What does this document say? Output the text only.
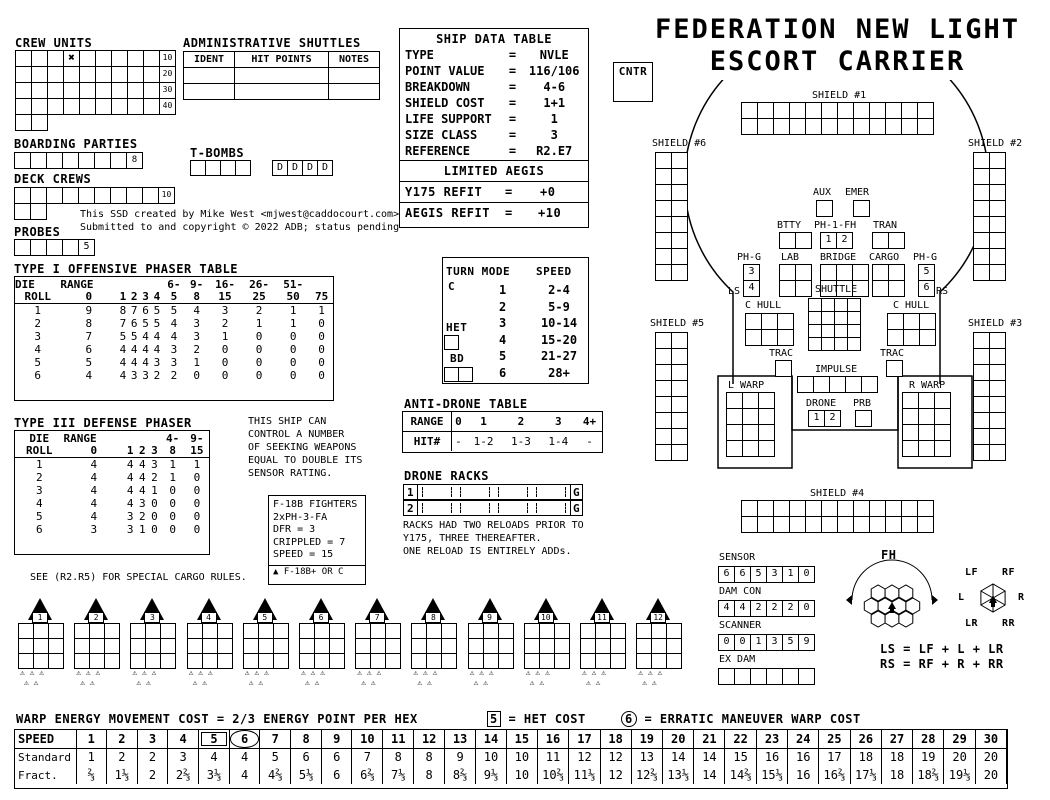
FEDERATION NEW LIGHT
ESCORT CARRIER
CREW UNITS
✖	10
20
30
40
ADMINISTRATIVE SHUTTLES
IDENT	HIT POINTS	NOTES

BOARDING PARTIES
8	T-BOMBS
D D D D
DECK CREWS
10
This SSD created by Mike West <mjwest@caddocourt.com>
Submitted to and copyright © 2022 ADB; status pending
PROBES
5
SHIP DATA TABLE
TYPE	=	NVLE
POINT VALUE	=	116/106
BREAKDOWN	=	4-6
SHIELD COST	=	1+1
LIFE SUPPORT	=	1
SIZE CLASS	=	3
REFERENCE	=	R2.E7
LIMITED AEGIS
Y175 REFIT = +0
AEGIS REFIT = +10
CNTR
TYPE I OFFENSIVE PHASER TABLE
DIE	RANGE					6-	9-	16-	26-	51-	
ROLL	0	1	2	3	4	5	8	15	25	50	75
1	9	8	7	6	5	5	4	3	2	1	1
2	8	7	6	5	5	4	3	2	1	1	0
3	7	5	5	4	4	4	3	1	0	0	0
4	6	4	4	4	4	3	2	0	0	0	0
5	5	4	4	4	3	3	1	0	0	0	0
6	4	4	3	3	2	2	0	0	0	0	0
TYPE III DEFENSE PHASER
DIE	RANGE				4-	9-
ROLL	0	1	2	3	8	15
1	4	4	4	3	1	1
2	4	4	4	2	1	0
3	4	4	4	1	0	0
4	4	4	3	0	0	0
5	4	3	2	0	0	0
6	3	3	1	0	0	0
THIS SHIP CAN
CONTROL A NUMBER
OF SEEKING WEAPONS
EQUAL TO DOUBLE ITS
SENSOR RATING.
F-18B FIGHTERS
2xPH-3-FA
DFR = 3
CRIPPLED = 7
SPEED = 15
▲ F-18B+ OR C
SEE (R2.R5) FOR SPECIAL CARGO RULES.
TURN MODE SPEED
C	1	2-4
2	5-9
3	10-14
4	15-20
5	21-27
6	28+
HET
BD
ANTI-DRONE TABLE
RANGE	0	1	2	3	4+
HIT#	-	1-2	1-3	1-4	-
DRONE RACKS
1	G
2	G
RACKS HAD TWO RELOADS PRIOR TO
Y175, THREE THEREAFTER.
ONE RELOAD IS ENTIRELY ADDs.
SHIELD #1
SHIELD #4
SHIELD #6	SHIELD #2
SHIELD #5	SHIELD #3
AUX EMER
BTTY PH-1-FH
1 2
TRAN
PH-G
3
4
LS
LAB BRIDGE CARGO PH-G
5
6 RS
SHUTTLE
C HULL	C HULL
TRAC	TRAC
IMPULSE
L WARP	R WARP
DRONE
1 2
PRB
SENSOR
6 6 5 3 1 0
DAM CON
4 4 2 2 2 0
SCANNER
0 0 1 3 5 9
EX DAM
FH
LF RF
L	R
LR RR
LS = LF + L + LR
RS = RF + R + RR
1
⚠ ⚠ ⚠
⚠ ⚠
2
⚠ ⚠ ⚠
⚠ ⚠
3
⚠ ⚠ ⚠
⚠ ⚠
4
⚠ ⚠ ⚠
⚠ ⚠
5
⚠ ⚠ ⚠
⚠ ⚠
6
⚠ ⚠ ⚠
⚠ ⚠
7
⚠ ⚠ ⚠
⚠ ⚠
8
⚠ ⚠ ⚠
⚠ ⚠
9
⚠ ⚠ ⚠
⚠ ⚠
10
⚠ ⚠ ⚠
⚠ ⚠
11
⚠ ⚠ ⚠
⚠ ⚠
12
⚠ ⚠ ⚠
⚠ ⚠
WARP ENERGY MOVEMENT COST = 2/3 ENERGY POINT PER HEX	5 = HET COST	6 = ERRATIC MANEUVER WARP COST
SPEED	1	2	3	4	5	6	7	8	9	10	11	12	13	14	15	16	17	18	19	20	21	22	23	24	25	26	27	28	29	30
Standard	1	2	2	3	4	4	5	6	6	7	8	8	9	10	10	11	12	12	13	14	14	15	16	16	17	18	18	19	20	20
Fract.	⅔	1⅓	2	2⅔	3⅓	4	4⅔	5⅓	6	6⅔	7⅓	8	8⅔	9⅓	10	10⅔	11⅓	12	12⅔	13⅓	14	14⅔	15⅓	16	16⅔	17⅓	18	18⅔	19⅓	20
